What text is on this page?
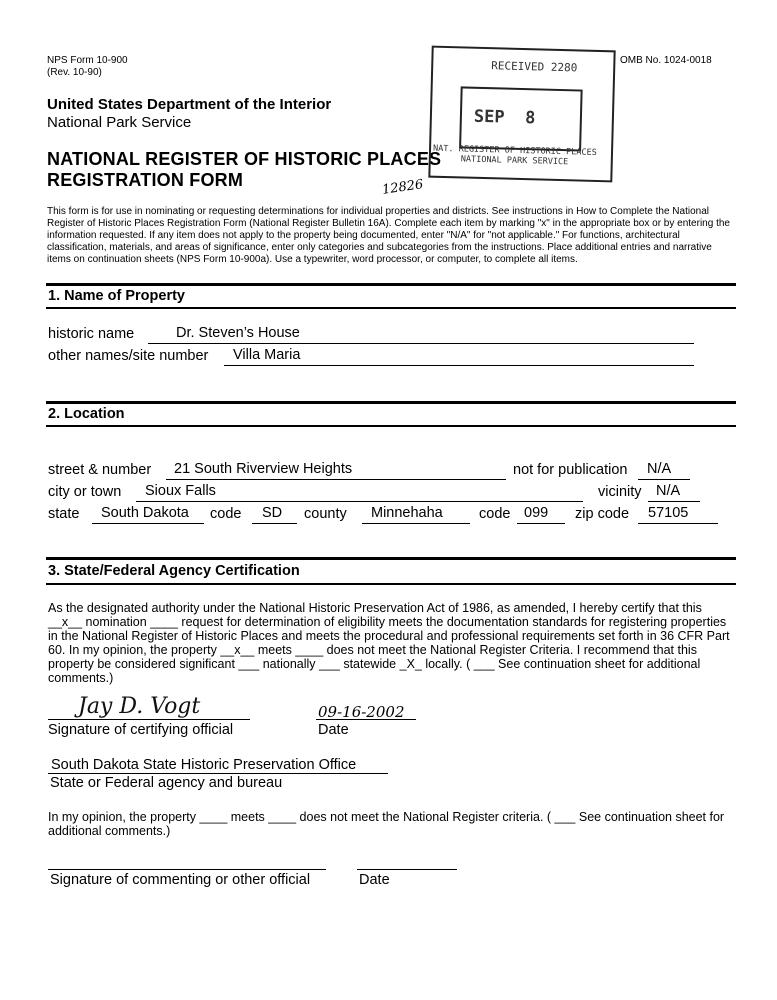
NPS Form 10-900
(Rev. 10-90)
OMB No. 1024-0018
United States Department of the Interior
National Park Service
NATIONAL REGISTER OF HISTORIC PLACES
REGISTRATION FORM	12826
RECEIVED 2280
SEP  8
NAT. REGISTER OF HISTORIC PLACES
NATIONAL PARK SERVICE
This form is for use in nominating or requesting determinations for individual properties and districts. See instructions in How to Complete the National Register of Historic Places Registration Form (National Register Bulletin 16A). Complete each item by marking "x" in the appropriate box or by entering the information requested. If any item does not apply to the property being documented, enter "N/A" for "not applicable." For functions, architectural classification, materials, and areas of significance, enter only categories and subcategories from the instructions. Place additional entries and narrative items on continuation sheets (NPS Form 10-900a). Use a typewriter, word processor, or computer, to complete all items.
1. Name of Property
historic name	Dr. Steven’s House
other names/site number Villa Maria
2. Location
street & number 21 South Riverview Heights	not for publication N/A
city or town Sioux Falls	vicinity N/A
state South Dakota code SD county Minnehaha	code 099 zip code 57105
3. State/Federal Agency Certification
As the designated authority under the National Historic Preservation Act of 1986, as amended, I hereby certify that this
__x__ nomination ____ request for determination of eligibility meets the documentation standards for registering properties in the National Register of Historic Places and meets the procedural and professional requirements set forth in 36 CFR Part 60. In my opinion, the property __x__ meets ____ does not meet the National Register Criteria. I recommend that this property be considered significant ___ nationally ___ statewide _X_ locally. ( ___ See continuation sheet for additional comments.)
Jay D. Vogt
Signature of certifying official
09-16-2002
Date
South Dakota State Historic Preservation Office
State or Federal agency and bureau
In my opinion, the property ____ meets ____ does not meet the National Register criteria. ( ___ See continuation sheet for additional comments.)
Signature of commenting or other official	Date
